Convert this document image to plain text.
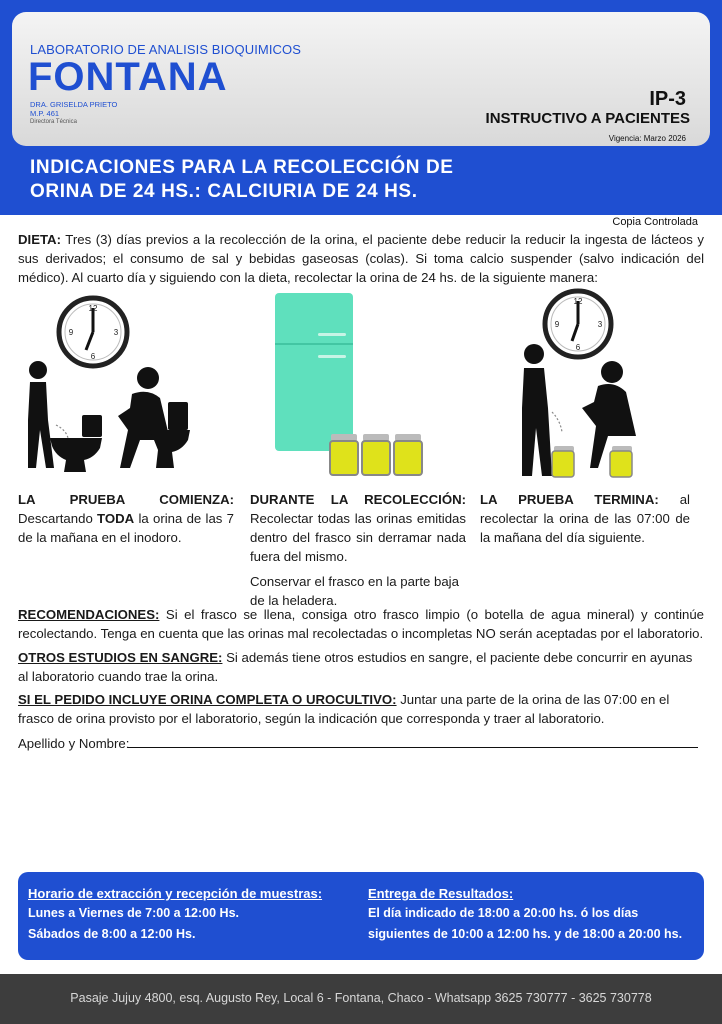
LABORATORIO DE ANALISIS BIOQUIMICOS
FONTANA
DRA. GRISELDA PRIETO
M.P. 461
Directora Técnica
IP-3
INSTRUCTIVO A PACIENTES
Vigencia: Marzo 2026
INDICACIONES PARA LA RECOLECCIÓN DE
ORINA DE 24 HS.: CALCIURIA DE 24 HS.
Copia Controlada
DIETA: Tres (3) días previos a la recolección de la orina, el paciente debe reducir la reducir la ingesta de lácteos y sus derivados; el consumo de sal y bebidas gaseosas (colas). Si toma calcio suspender (salvo indicación del médico). Al cuarto día y siguiendo con la dieta, recolectar la orina de 24 hs. de la siguiente manera:
12
3
6
9
12
3
6
9
LA PRUEBA COMIENZA: Descartando TODA la orina de las 7 de la mañana en el inodoro.
DURANTE LA RECOLECCIÓN: Recolectar todas las orinas emitidas dentro del frasco sin derramar nada fuera del mismo.
Conservar el frasco en la parte baja de la heladera.
LA PRUEBA TERMINA: al recolectar la orina de las 07:00 de la mañana del día siguiente.
RECOMENDACIONES: Si el frasco se llena, consiga otro frasco limpio (o botella de agua mineral) y continúe recolectando. Tenga en cuenta que las orinas mal recolectadas o incompletas NO serán aceptadas por el laboratorio.
OTROS ESTUDIOS EN SANGRE: Si además tiene otros estudios en sangre, el paciente debe concurrir en ayunas al laboratorio cuando trae la orina.
SI EL PEDIDO INCLUYE ORINA COMPLETA O UROCULTIVO: Juntar una parte de la orina de las 07:00 en el frasco de orina provisto por el laboratorio, según la indicación que corresponda y traer al laboratorio.
Apellido y Nombre:
Horario de extracción y recepción de muestras:
Lunes a Viernes de 7:00 a 12:00 Hs.
Sábados de 8:00 a 12:00 Hs.
Entrega de Resultados:
El día indicado de 18:00 a 20:00 hs. ó los días
siguientes de 10:00 a 12:00 hs. y de 18:00 a 20:00 hs.
Pasaje Jujuy 4800, esq. Augusto Rey, Local 6 - Fontana, Chaco - Whatsapp 3625 730777 - 3625 730778
